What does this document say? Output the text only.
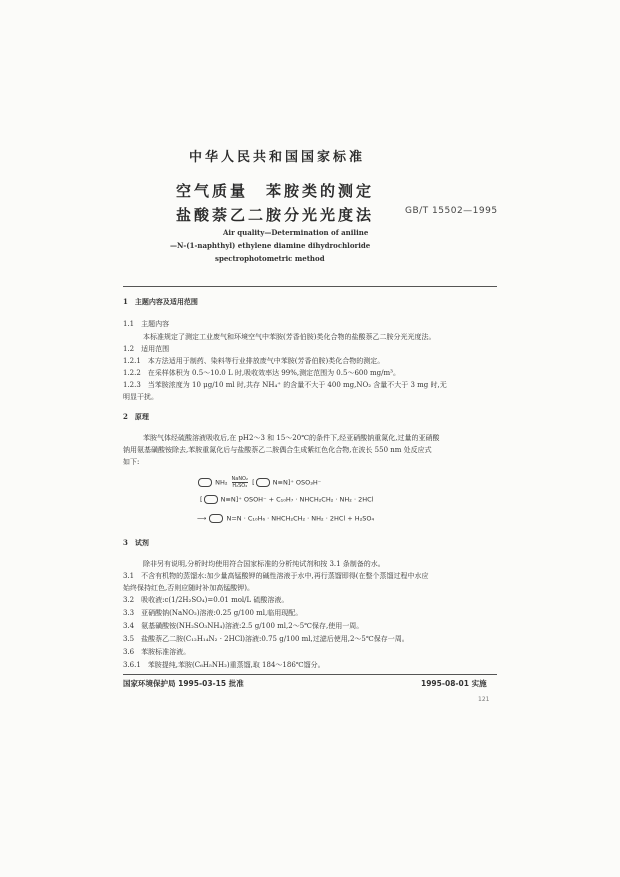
中华人民共和国国家标准
空气质量　苯胺类的测定
盐酸萘乙二胺分光光度法	GB/T 15502—1995
Air quality—Determination of aniline
—N-(1-naphthyl) ethylene diamine dihydrochloride
spectrophotometric method
1　主题内容及适用范围
1.1　主题内容
本标准规定了测定工业废气和环境空气中苯胺(芳香伯胺)类化合物的盐酸萘乙二胺分光光度法。
1.2　适用范围
1.2.1　本方法适用于制药、染料等行业排放废气中苯胺(芳香伯胺)类化合物的测定。
1.2.2　在采样体积为 0.5～10.0 L 时,吸收效率达 99%,测定范围为 0.5～600 mg/m³。
1.2.3　当苯胺浓度为 10 μg/10 ml 时,共存 NH₄⁺ 的含量不大于 400 mg,NO₂ 含量不大于 3 mg 时,无
明显干扰。
2　原理
苯胺气体经硫酸溶液吸收后,在 pH2～3 和 15～20℃的条件下,经亚硝酸钠重氮化,过量的亚硝酸
钠用氨基磺酸铵除去,苯胺重氮化后与盐酸萘乙二胺偶合生成紫红色化合物,在波长 550 nm 处反应式
如下:
NH₂ NaNO₂
H₂SO₄ [	N≡N]⁺ OSO₃H⁻
[	N≡N]⁺ OSOH⁻ + C₁₀H₇ · NHCH₂CH₂ · NH₂ · 2HCl
⟶	N=N · C₁₀H₆ · NHCH₂CH₂ · NH₂ · 2HCl + H₂SO₄
3　试剂
除非另有说明,分析时均使用符合国家标准的分析纯试剂和按 3.1 条制备的水。
3.1　不含有机物的蒸馏水:加少量高锰酸钾的碱性溶液于水中,再行蒸馏即得(在整个蒸馏过程中水应
始终保持红色,否则应随时补加高锰酸钾)。
3.2　吸收液:c(1/2H₂SO₄)=0.01 mol/L 硫酸溶液。
3.3　亚硝酸钠(NaNO₂)溶液:0.25 g/100 ml,临用现配。
3.4　氨基磺酸铵(NH₂SO₃NH₄)溶液:2.5 g/100 ml,2～5℃保存,使用一周。
3.5　盐酸萘乙二胺(C₁₂H₁₄N₂ · 2HCl)溶液:0.75 g/100 ml,过滤后使用,2～5℃保存一周。
3.6　苯胺标准溶液。
3.6.1　苯胺提纯,苯胺(C₆H₅NH₂)重蒸馏,取 184～186℃馏分。
国家环境保护局 1995-03-15 批准	1995-08-01 实施
121
